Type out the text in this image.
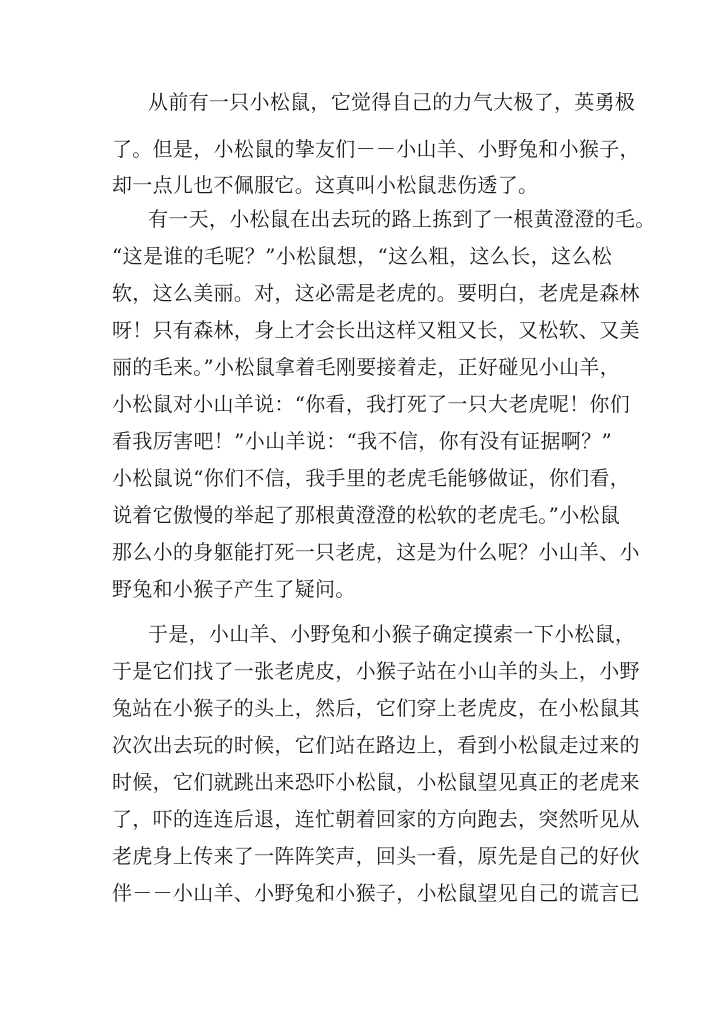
从前有一只小松鼠，它觉得自己的力气大极了，英勇极
了。但是，小松鼠的挚友们－－小山羊、小野兔和小猴子，
却一点儿也不佩服它。这真叫小松鼠悲伤透了。
有一天，小松鼠在出去玩的路上拣到了一根黄澄澄的毛。
“这是谁的毛呢？”小松鼠想，“这么粗，这么长，这么松
软，这么美丽。对，这必需是老虎的。要明白，老虎是森林
呀！只有森林，身上才会长出这样又粗又长，又松软、又美
丽的毛来。”小松鼠拿着毛刚要接着走，正好碰见小山羊，
小松鼠对小山羊说：“你看，我打死了一只大老虎呢！你们
看我厉害吧！”小山羊说：“我不信，你有没有证据啊？”
小松鼠说“你们不信，我手里的老虎毛能够做证，你们看，
说着它傲慢的举起了那根黄澄澄的松软的老虎毛。”小松鼠
那么小的身躯能打死一只老虎，这是为什么呢？小山羊、小
野兔和小猴子产生了疑问。
于是，小山羊、小野兔和小猴子确定摸索一下小松鼠，
于是它们找了一张老虎皮，小猴子站在小山羊的头上，小野
兔站在小猴子的头上，然后，它们穿上老虎皮，在小松鼠其
次次出去玩的时候，它们站在路边上，看到小松鼠走过来的
时候，它们就跳出来恐吓小松鼠，小松鼠望见真正的老虎来
了，吓的连连后退，连忙朝着回家的方向跑去，突然听见从
老虎身上传来了一阵阵笑声，回头一看，原先是自己的好伙
伴－－小山羊、小野兔和小猴子，小松鼠望见自己的谎言已
